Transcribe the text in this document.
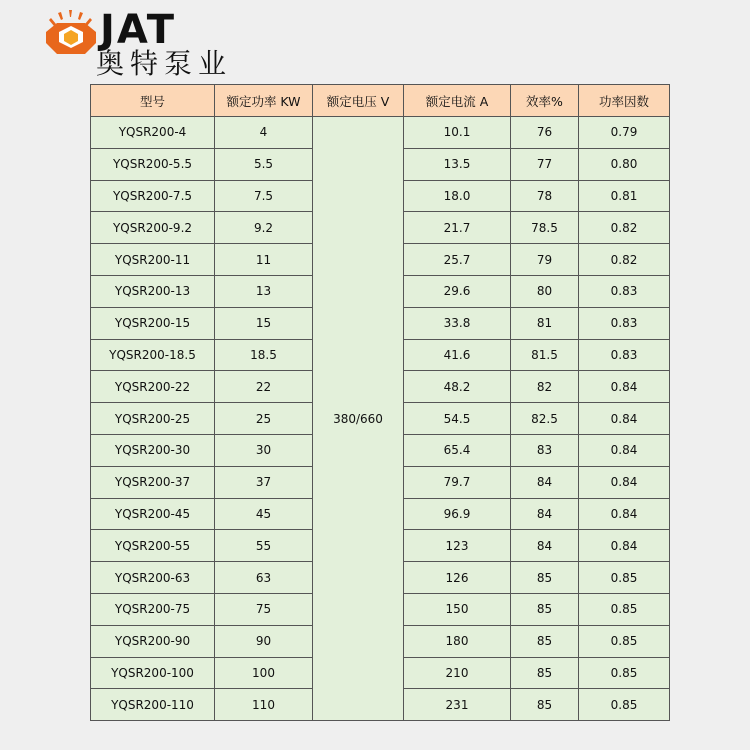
JAT
奥特泵业
型号	额定功率 KW	额定电压 V	额定电流 A	效率%	功率因数
YQSR200-4	4	380/660	10.1	76	0.79
YQSR200-5.5	5.5		13.5	77	0.80
YQSR200-7.5	7.5		18.0	78	0.81
YQSR200-9.2	9.2		21.7	78.5	0.82
YQSR200-11	11		25.7	79	0.82
YQSR200-13	13		29.6	80	0.83
YQSR200-15	15		33.8	81	0.83
YQSR200-18.5	18.5		41.6	81.5	0.83
YQSR200-22	22		48.2	82	0.84
YQSR200-25	25		54.5	82.5	0.84
YQSR200-30	30		65.4	83	0.84
YQSR200-37	37		79.7	84	0.84
YQSR200-45	45		96.9	84	0.84
YQSR200-55	55		123	84	0.84
YQSR200-63	63		126	85	0.85
YQSR200-75	75		150	85	0.85
YQSR200-90	90		180	85	0.85
YQSR200-100	100		210	85	0.85
YQSR200-110	110		231	85	0.85
